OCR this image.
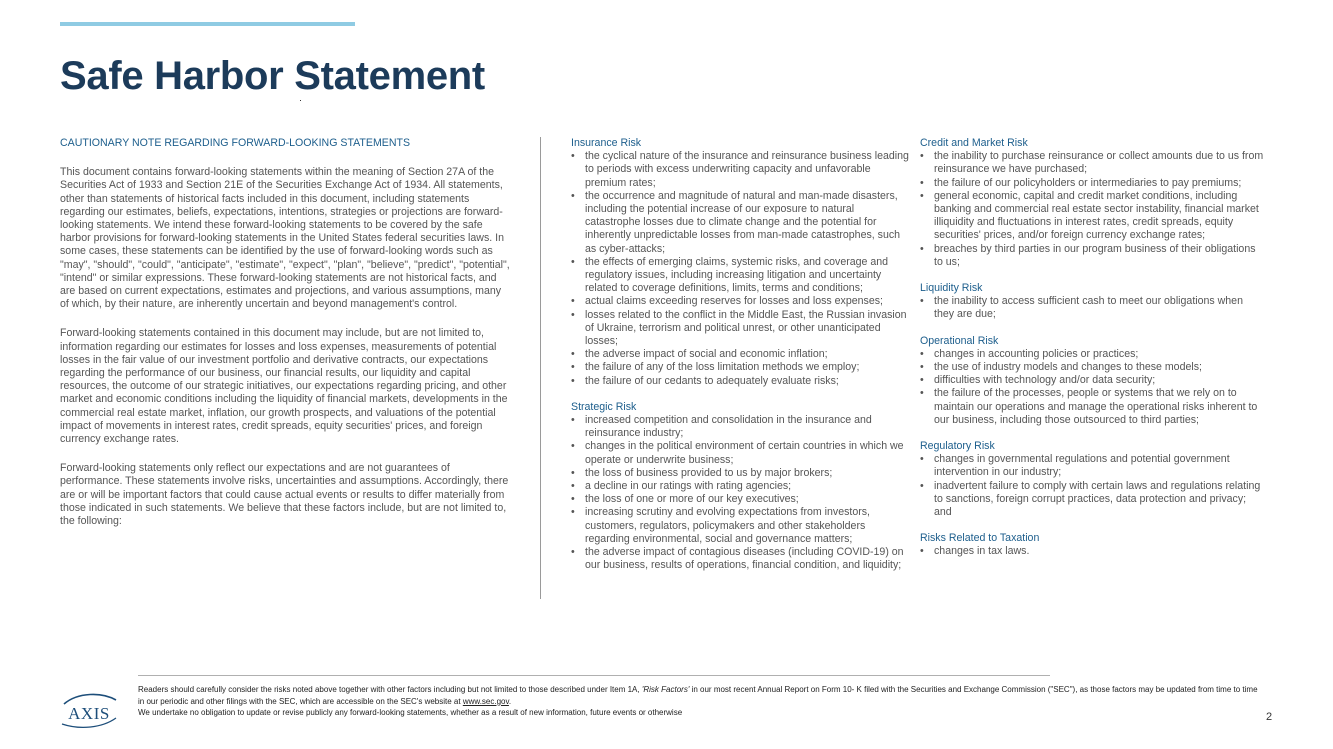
Safe Harbor Statement

CAUTIONARY NOTE REGARDING FORWARD-LOOKING STATEMENTS

This document contains forward-looking statements within the meaning of Section 27A of the Securities Act of 1933 and Section 21E of the Securities Exchange Act of 1934. All statements, other than statements of historical facts included in this document, including statements regarding our estimates, beliefs, expectations, intentions, strategies or projections are forward-looking statements. We intend these forward-looking statements to be covered by the safe harbor provisions for forward-looking statements in the United States federal securities laws. In some cases, these statements can be identified by the use of forward-looking words such as "may", "should", "could", "anticipate", "estimate", "expect", "plan", "believe", "predict", "potential", "intend" or similar expressions. These forward-looking statements are not historical facts, and are based on current expectations, estimates and projections, and various assumptions, many of which, by their nature, are inherently uncertain and beyond management's control.

Forward-looking statements contained in this document may include, but are not limited to, information regarding our estimates for losses and loss expenses, measurements of potential losses in the fair value of our investment portfolio and derivative contracts, our expectations regarding the performance of our business, our financial results, our liquidity and capital resources, the outcome of our strategic initiatives, our expectations regarding pricing, and other market and economic conditions including the liquidity of financial markets, developments in the commercial real estate market, inflation, our growth prospects, and valuations of the potential impact of movements in interest rates, credit spreads, equity securities' prices, and foreign currency exchange rates.

Forward-looking statements only reflect our expectations and are not guarantees of performance. These statements involve risks, uncertainties and assumptions. Accordingly, there are or will be important factors that could cause actual events or results to differ materially from those indicated in such statements. We believe that these factors include, but are not limited to, the following:

Insurance Risk

• the cyclical nature of the insurance and reinsurance business leading to periods with excess underwriting capacity and unfavorable premium rates;
• the occurrence and magnitude of natural and man-made disasters, including the potential increase of our exposure to natural catastrophe losses due to climate change and the potential for inherently unpredictable losses from man-made catastrophes, such as cyber-attacks;
• the effects of emerging claims, systemic risks, and coverage and regulatory issues, including increasing litigation and uncertainty related to coverage definitions, limits, terms and conditions;
• actual claims exceeding reserves for losses and loss expenses;
• losses related to the conflict in the Middle East, the Russian invasion of Ukraine, terrorism and political unrest, or other unanticipated losses;
• the adverse impact of social and economic inflation;
• the failure of any of the loss limitation methods we employ;
• the failure of our cedants to adequately evaluate risks;

Strategic Risk

• increased competition and consolidation in the insurance and reinsurance industry;
• changes in the political environment of certain countries in which we operate or underwrite business;
• the loss of business provided to us by major brokers;
• a decline in our ratings with rating agencies;
• the loss of one or more of our key executives;
• increasing scrutiny and evolving expectations from investors, customers, regulators, policymakers and other stakeholders regarding environmental, social and governance matters;
• the adverse impact of contagious diseases (including COVID-19) on our business, results of operations, financial condition, and liquidity;

Credit and Market Risk

• the inability to purchase reinsurance or collect amounts due to us from reinsurance we have purchased;
• the failure of our policyholders or intermediaries to pay premiums;
• general economic, capital and credit market conditions, including banking and commercial real estate sector instability, financial market illiquidity and fluctuations in interest rates, credit spreads, equity securities' prices, and/or foreign currency exchange rates;
• breaches by third parties in our program business of their obligations to us;

Liquidity Risk

• the inability to access sufficient cash to meet our obligations when they are due;

Operational Risk

• changes in accounting policies or practices;
• the use of industry models and changes to these models;
• difficulties with technology and/or data security;
• the failure of the processes, people or systems that we rely on to maintain our operations and manage the operational risks inherent to our business, including those outsourced to third parties;

Regulatory Risk

• changes in governmental regulations and potential government intervention in our industry;
• inadvertent failure to comply with certain laws and regulations relating to sanctions, foreign corrupt practices, data protection and privacy; and

Risks Related to Taxation

• changes in tax laws.
AXIS

Readers should carefully consider the risks noted above together with other factors including but not limited to those described under Item 1A, 'Risk Factors' in our most recent Annual Report on Form 10- K filed with the Securities and Exchange Commission ("SEC"), as those factors may be updated from time to time in our periodic and other filings with the SEC, which are accessible on the SEC's website at www.sec.gov.

We undertake no obligation to update or revise publicly any forward-looking statements, whether as a result of new information, future events or otherwise	2
